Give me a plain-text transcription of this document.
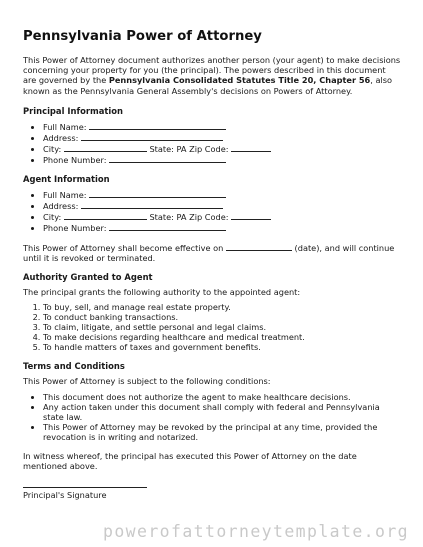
Pennsylvania Power of Attorney

This Power of Attorney document authorizes another person (your agent) to make decisions concerning your property for you (the principal). The powers described in this document are governed by the Pennsylvania Consolidated Statutes Title 20, Chapter 56, also known as the Pennsylvania General Assembly's decisions on Powers of Attorney.

Principal Information
• Full Name:
• Address:
• City:	State: PA Zip Code:
• Phone Number:
Agent Information
• Full Name:
• Address:
• City:	State: PA Zip Code:
• Phone Number:

This Power of Attorney shall become effective on	(date), and will continue until it is revoked or terminated.

Authority Granted to Agent

The principal grants the following authority to the appointed agent:

1. To buy, sell, and manage real estate property.
2. To conduct banking transactions.
3. To claim, litigate, and settle personal and legal claims.
4. To make decisions regarding healthcare and medical treatment.
5. To handle matters of taxes and government benefits.
Terms and Conditions

This Power of Attorney is subject to the following conditions:

• This document does not authorize the agent to make healthcare decisions.
• Any action taken under this document shall comply with federal and Pennsylvania state law.
• This Power of Attorney may be revoked by the principal at any time, provided the revocation is in writing and notarized.

In witness whereof, the principal has executed this Power of Attorney on the date mentioned above.

Principal's Signature

powerofattorneytemplate.org
